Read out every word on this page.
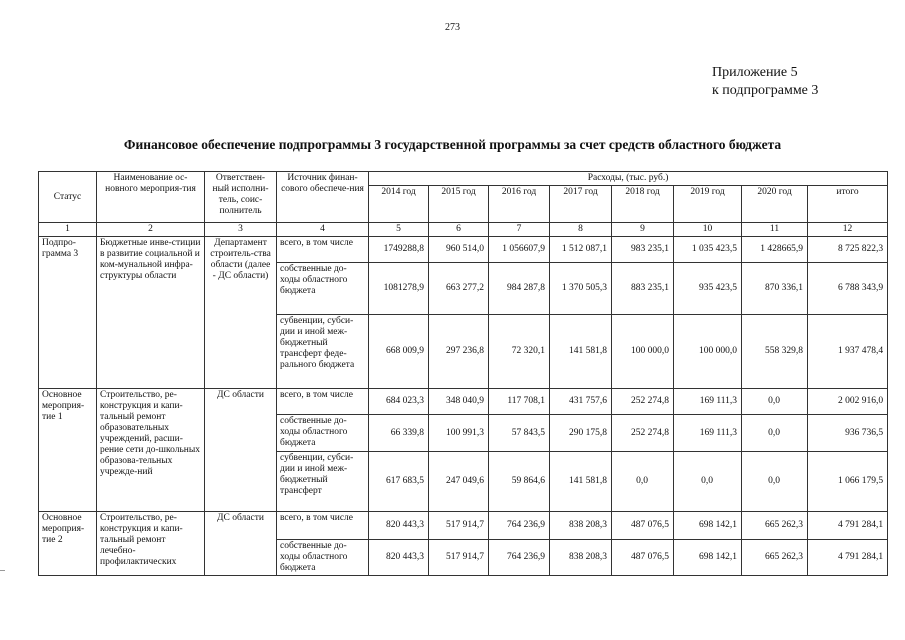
273
Приложение 5
к подпрограмме 3
Финансовое обеспечение подпрограммы 3 государственной программы за счет средств областного бюджета
Статус	Наименование ос-новного мероприя-тия	Ответствен-ный исполни-тель, соис-полнитель	Источник финан-сового обеспече-ния	Расходы, (тыс. руб.)							
				2014 год	2015 год	2016 год	2017 год	2018 год	2019 год	2020 год	итого
1	2	3	4	5	6	7	8	9	10	11	12
Подпро-грамма 3	Бюджетные инве-стиции в развитие социальной и ком-мунальной инфра-структуры области	Департамент строитель-ства области (далее - ДС области)	всего, в том числе	1749288,8	960 514,0	1 056607,9	1 512 087,1	983 235,1	1 035 423,5	1 428665,9	8 725 822,3
			собственные до-ходы областного бюджета	1081278,9	663 277,2	984 287,8	1 370 505,3	883 235,1	935 423,5	870 336,1	6 788 343,9
			субвенции, субси-дии и иной меж-бюджетный трансферт феде-рального бюджета	668 009,9	297 236,8	72 320,1	141 581,8	100 000,0	100 000,0	558 329,8	1 937 478,4
Основное мероприя-тие 1	Строительство, ре-конструкция и капи-тальный ремонт образовательных учреждений, расши-рение сети до-школьных образова-тельных учрежде-ний	ДС области	всего, в том числе	684 023,3	348 040,9	117 708,1	431 757,6	252 274,8	169 111,3	0,0	2 002 916,0
			собственные до-ходы областного бюджета	66 339,8	100 991,3	57 843,5	290 175,8	252 274,8	169 111,3	0,0	936 736,5
			субвенции, субси-дии и иной меж-бюджетный трансферт	617 683,5	247 049,6	59 864,6	141 581,8	0,0	0,0	0,0	1 066 179,5
Основное мероприя-тие 2	Строительство, ре-конструкция и капи-тальный ремонт лечебно-профилактических	ДС области	всего, в том числе	820 443,3	517 914,7	764 236,9	838 208,3	487 076,5	698 142,1	665 262,3	4 791 284,1
			собственные до-ходы областного бюджета	820 443,3	517 914,7	764 236,9	838 208,3	487 076,5	698 142,1	665 262,3	4 791 284,1
